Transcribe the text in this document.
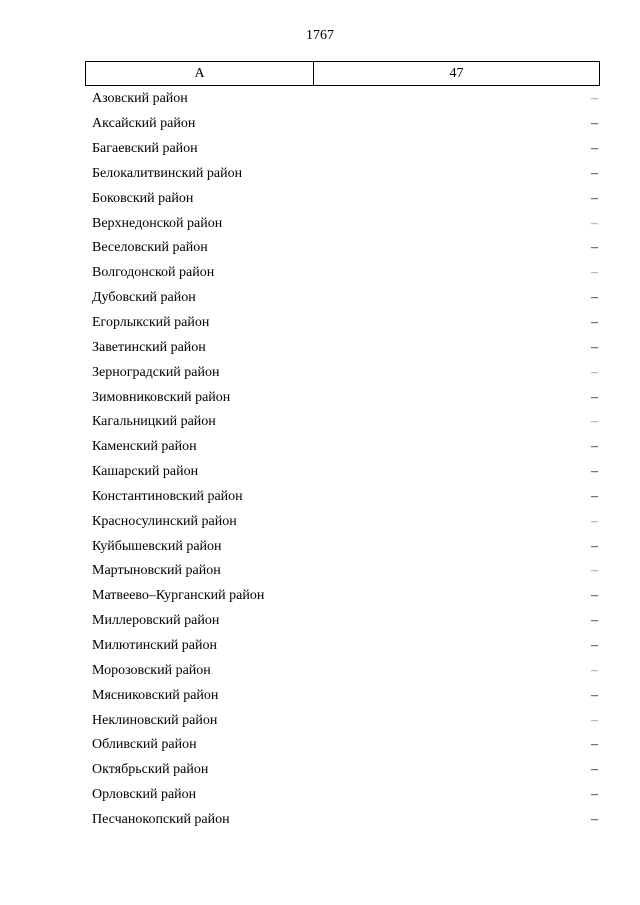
1767
А	47
Азовский район	–
Аксайский район	–
Багаевский район	–
Белокалитвинский район	–
Боковский район	–
Верхнедонской район	–
Веселовский район	–
Волгодонской район	–
Дубовский район	–
Егорлыкский район	–
Заветинский район	–
Зерноградский район	–
Зимовниковский район	–
Кагальницкий район	–
Каменский район	–
Кашарский район	–
Константиновский район	–
Красносулинский район	–
Куйбышевский район	–
Мартыновский район	–
Матвеево–Курганский район	–
Миллеровский район	–
Милютинский район	–
Морозовский район	–
Мясниковский район	–
Неклиновский район	–
Обливский район	–
Октябрьский район	–
Орловский район	–
Песчанокопский район	–
